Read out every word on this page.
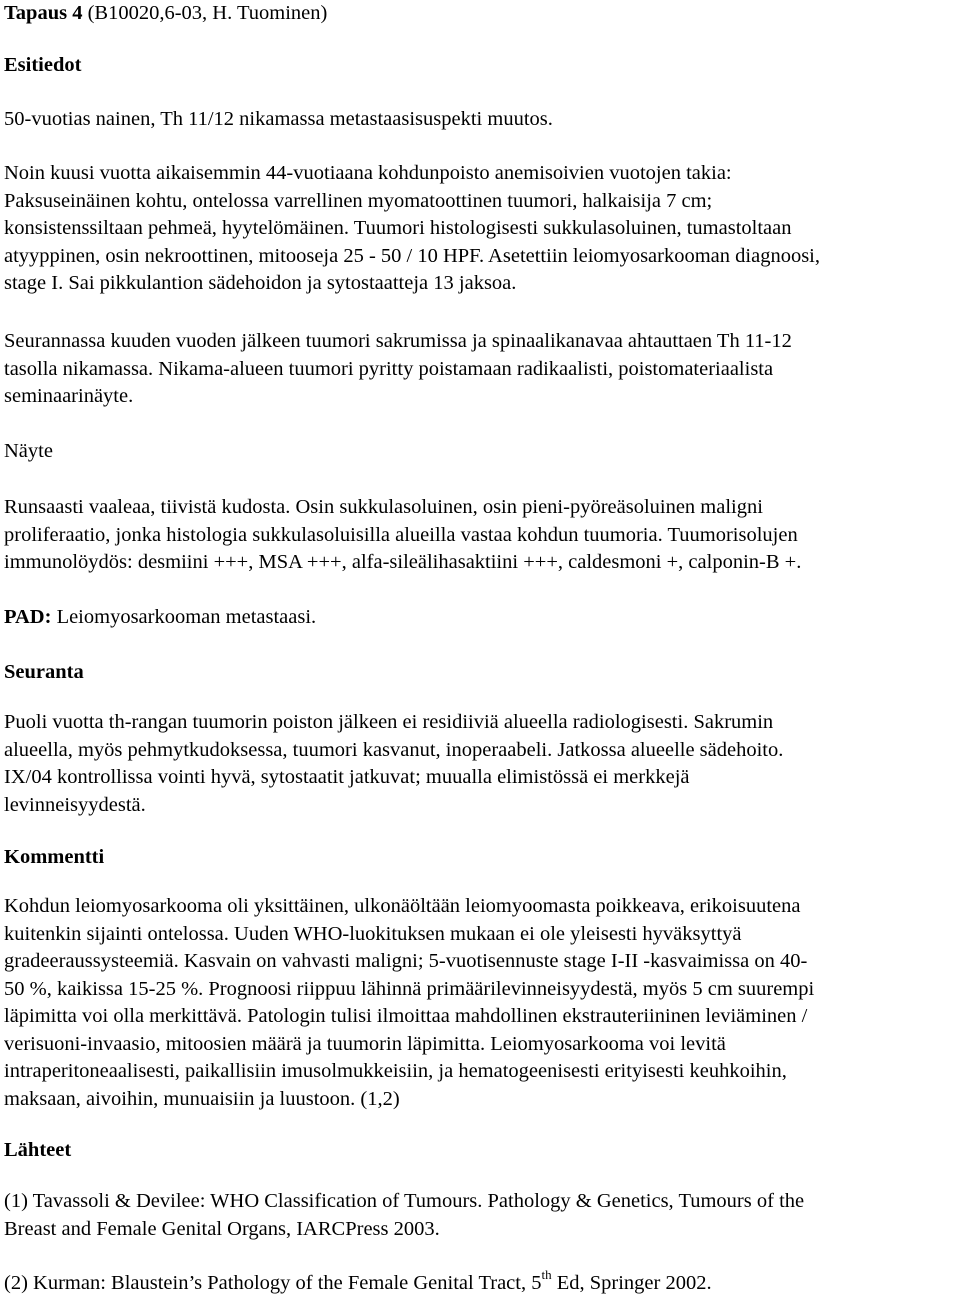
Tapaus 4 (B10020,6-03, H. Tuominen)
Esitiedot
50-vuotias nainen, Th 11/12 nikamassa metastaasisuspekti muutos.
Noin kuusi vuotta aikaisemmin 44-vuotiaana kohdunpoisto anemisoivien vuotojen takia:
Paksuseinäinen kohtu, ontelossa varrellinen myomatoottinen tuumori, halkaisija 7 cm;
konsistenssiltaan pehmeä, hyytelömäinen. Tuumori histologisesti sukkulasoluinen, tumastoltaan
atyyppinen, osin nekroottinen, mitooseja 25 - 50 / 10 HPF. Asetettiin leiomyosarkooman diagnoosi,
stage I. Sai pikkulantion sädehoidon ja sytostaatteja 13 jaksoa.
Seurannassa kuuden vuoden jälkeen tuumori sakrumissa ja spinaalikanavaa ahtauttaen Th 11-12
tasolla nikamassa. Nikama-alueen tuumori pyritty poistamaan radikaalisti, poistomateriaalista
seminaarinäyte.
Näyte
Runsaasti vaaleaa, tiivistä kudosta. Osin sukkulasoluinen, osin pieni-pyöreäsoluinen maligni
proliferaatio, jonka histologia sukkulasoluisilla alueilla vastaa kohdun tuumoria. Tuumorisolujen
immunolöydös: desmiini +++, MSA +++, alfa-sileälihasaktiini +++, caldesmoni +, calponin-B +.
PAD: Leiomyosarkooman metastaasi.
Seuranta
Puoli vuotta th-rangan tuumorin poiston jälkeen ei residiiviä alueella radiologisesti. Sakrumin
alueella, myös pehmytkudoksessa, tuumori kasvanut, inoperaabeli. Jatkossa alueelle sädehoito.
IX/04 kontrollissa vointi hyvä, sytostaatit jatkuvat; muualla elimistössä ei merkkejä
levinneisyydestä.
Kommentti
Kohdun leiomyosarkooma oli yksittäinen, ulkonäöltään leiomyoomasta poikkeava, erikoisuutena
kuitenkin sijainti ontelossa. Uuden WHO-luokituksen mukaan ei ole yleisesti hyväksyttyä
gradeeraussysteemiä. Kasvain on vahvasti maligni; 5-vuotisennuste stage I-II -kasvaimissa on 40-
50 %, kaikissa 15-25 %. Prognoosi riippuu lähinnä primäärilevinneisyydestä, myös 5 cm suurempi
läpimitta voi olla merkittävä. Patologin tulisi ilmoittaa mahdollinen ekstrauteriininen leviäminen /
verisuoni-invaasio, mitoosien määrä ja tuumorin läpimitta. Leiomyosarkooma voi levitä
intraperitoneaalisesti, paikallisiin imusolmukkeisiin, ja hematogeenisesti erityisesti keuhkoihin,
maksaan, aivoihin, munuaisiin ja luustoon. (1,2)
Lähteet
(1) Tavassoli & Devilee: WHO Classification of Tumours. Pathology & Genetics, Tumours of the
Breast and Female Genital Organs, IARCPress 2003.
(2) Kurman: Blaustein’s Pathology of the Female Genital Tract, 5th Ed, Springer 2002.
